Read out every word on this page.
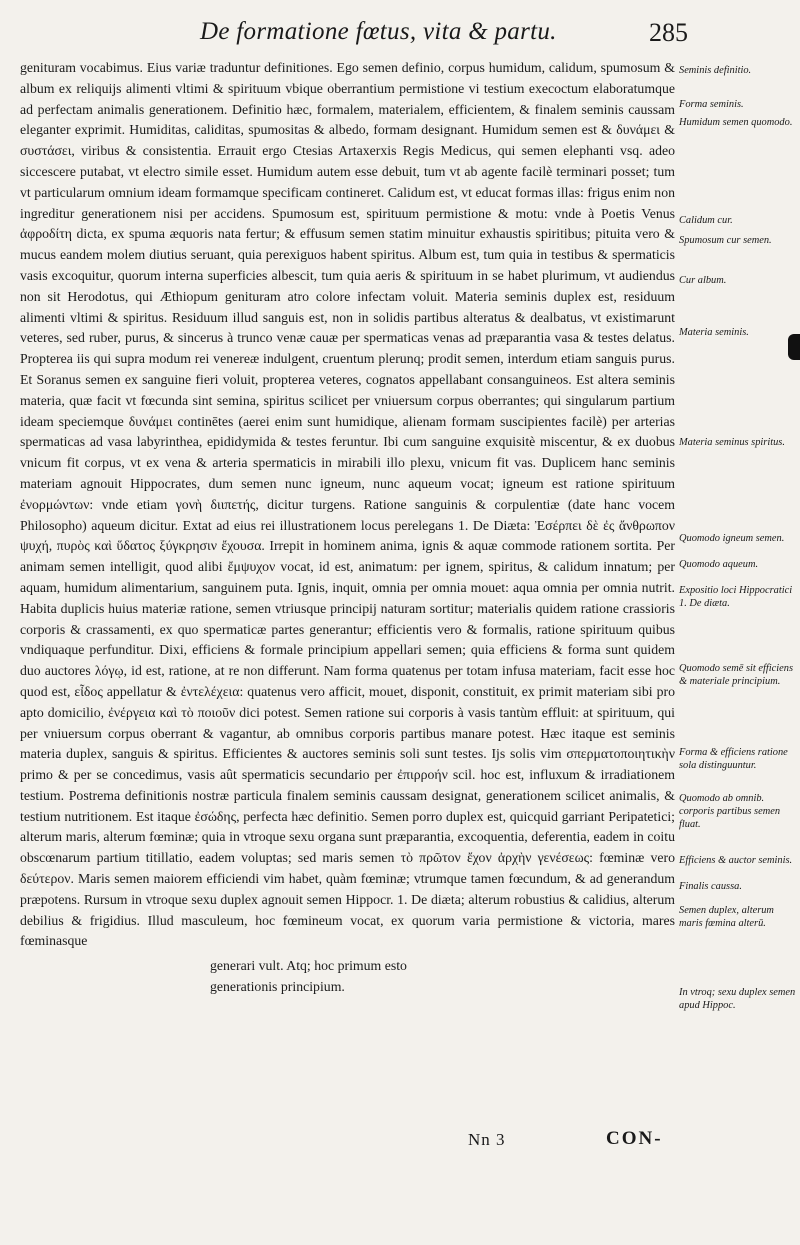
De formatione fœtus, vita & partu.	285

genituram vocabimus. Eius variæ traduntur definitiones. Ego semen definio, corpus humidum, calidum, spumosum & album ex reliquijs alimenti vltimi & spirituum vbique oberrantium permistione vi testium execoctum elaboratumque ad perfectam animalis generationem. Definitio hæc, formalem, materialem, efficientem, & finalem seminis caussam eleganter exprimit. Humiditas, caliditas, spumositas & albedo, formam designant. Humidum semen est & δυνάμει & συστάσει, viribus & consistentia. Errauit ergo Ctesias Artaxerxis Regis Medicus, qui semen elephanti vsq. adeo siccescere putabat, vt electro simile esset. Humidum autem esse debuit, tum vt ab agente facilè terminari posset; tum vt particularum omnium ideam formamque specificam contineret. Calidum est, vt educat formas illas: frigus enim non ingreditur generationem nisi per accidens. Spumosum est, spirituum permistione & motu: vnde à Poetis Venus ἀφροδίτη dicta, ex spuma æquoris nata fertur; & effusum semen statim minuitur exhaustis spiritibus; pituita vero & mucus eandem molem diutius seruant, quia perexiguos habent spiritus. Album est, tum quia in testibus & spermaticis vasis excoquitur, quorum interna superficies albescit, tum quia aeris & spirituum in se habet plurimum, vt audiendus non sit Herodotus, qui Æthiopum genituram atro colore infectam voluit. Materia seminis duplex est, residuum alimenti vltimi & spiritus. Residuum illud sanguis est, non in solidis partibus alteratus & dealbatus, vt existimarunt veteres, sed ruber, purus, & sincerus à trunco venæ cauæ per spermaticas venas ad præparantia vasa & testes delatus. Propterea iis qui supra modum rei venereæ indulgent, cruentum plerunq; prodit semen, interdum etiam sanguis purus. Et Soranus semen ex sanguine fieri voluit, propterea veteres, cognatos appellabant consanguineos. Est altera seminis materia, quæ facit vt fœcunda sint semina, spiritus scilicet per vniuersum corpus oberrantes; qui singularum partium ideam speciemque δυνάμει continētes (aerei enim sunt humidique, alienam formam suscipientes facilè) per arterias spermaticas ad vasa labyrinthea, epididymida & testes feruntur. Ibi cum sanguine exquisitè miscentur, & ex duobus vnicum fit corpus, vt ex vena & arteria spermaticis in mirabili illo plexu, vnicum fit vas. Duplicem hanc seminis materiam agnouit Hippocrates, dum semen nunc igneum, nunc aqueum vocat; igneum est ratione spirituum ἐνορμώντων: vnde etiam γονὴ διιπετής, dicitur turgens. Ratione sanguinis & corpulentiæ (date hanc vocem Philosopho) aqueum dicitur. Extat ad eius rei illustrationem locus perelegans 1. De Diæta: Ἐσέρπει δὲ ἐς ἄνθρωπον ψυχή, πυρὸς καὶ ὕδατος ξύγκρησιν ἔχουσα. Irrepit in hominem anima, ignis & aquæ commode rationem sortita. Per animam semen intelligit, quod alibi ἔμψυχον vocat, id est, animatum: per ignem, spiritus, & calidum innatum; per aquam, humidum alimentarium, sanguinem puta. Ignis, inquit, omnia per omnia mouet: aqua omnia per omnia nutrit. Habita duplicis huius materiæ ratione, semen vtriusque principij naturam sortitur; materialis quidem ratione crassioris corporis & crassamenti, ex quo spermaticæ partes generantur; efficientis vero & formalis, ratione spirituum quibus vndiquaque perfunditur. Dixi, efficiens & formale principium appellari semen; quia efficiens & forma sunt quidem duo auctores λόγῳ, id est, ratione, at re non differunt. Nam forma quatenus per totam infusa materiam, facit esse hoc quod est, εἶδος appellatur & ἐντελέχεια: quatenus vero afficit, mouet, disponit, constituit, ex primit materiam sibi pro apto domicilio, ἐνέργεια καὶ τὸ ποιοῦν dici potest. Semen ratione sui corporis à vasis tantùm effluit: at spirituum, qui per vniuersum corpus oberrant & vagantur, ab omnibus corporis partibus manare potest. Hæc itaque est seminis materia duplex, sanguis & spiritus. Efficientes & auctores seminis soli sunt testes. Ijs solis vim σπερματοποιητικὴν primo & per se concedimus, vasis aût spermaticis secundario per ἐπιρροήν scil. hoc est, influxum & irradiationem testium. Postrema definitionis nostræ particula finalem seminis caussam designat, generationem scilicet animalis, & testium nutritionem. Est itaque ἐσώδης, perfecta hæc definitio. Semen porro duplex est, quicquid garriant Peripatetici; alterum maris, alterum fœminæ; quia in vtroque sexu organa sunt præparantia, excoquentia, deferentia, eadem in coitu obscœnarum partium titillatio, eadem voluptas; sed maris semen τὸ πρῶτον ἔχον ἀρχὴν γενέσεως: fœminæ vero δεύτερον. Maris semen maiorem efficiendi vim habet, quàm fœminæ; vtrumque tamen fœcundum, & ad generandum præpotens. Rursum in vtroque sexu duplex agnouit semen Hippocr. 1. De diæta; alterum robustius & calidius, alterum debilius & frigidius. Illud masculeum, hoc fœmineum vocat, ex quorum varia permistione & victoria, mares fœminasque

generari vult. Atq; hoc primum esto generationis principium.

Seminis definitio.
Forma seminis.
Humidum semen quomodo.
Calidum cur.
Spumosum cur semen.
Cur album.
Materia seminis.
Materia seminus spiritus.
Quomodo igneum semen.
Quomodo aqueum.
Expositio loci Hippocratici 1. De diæta.
Quomodo semē sit efficiens & materiale principium.
Forma & efficiens ratione sola distinguuntur.
Quomodo ab omnib. corporis partibus semen fluat.
Efficiens & auctor seminis.
Finalis caussa.
Semen duplex, alterum maris fœmina alterū.
In vtroq; sexu duplex semen apud Hippoc.
Nn 3	CON-
